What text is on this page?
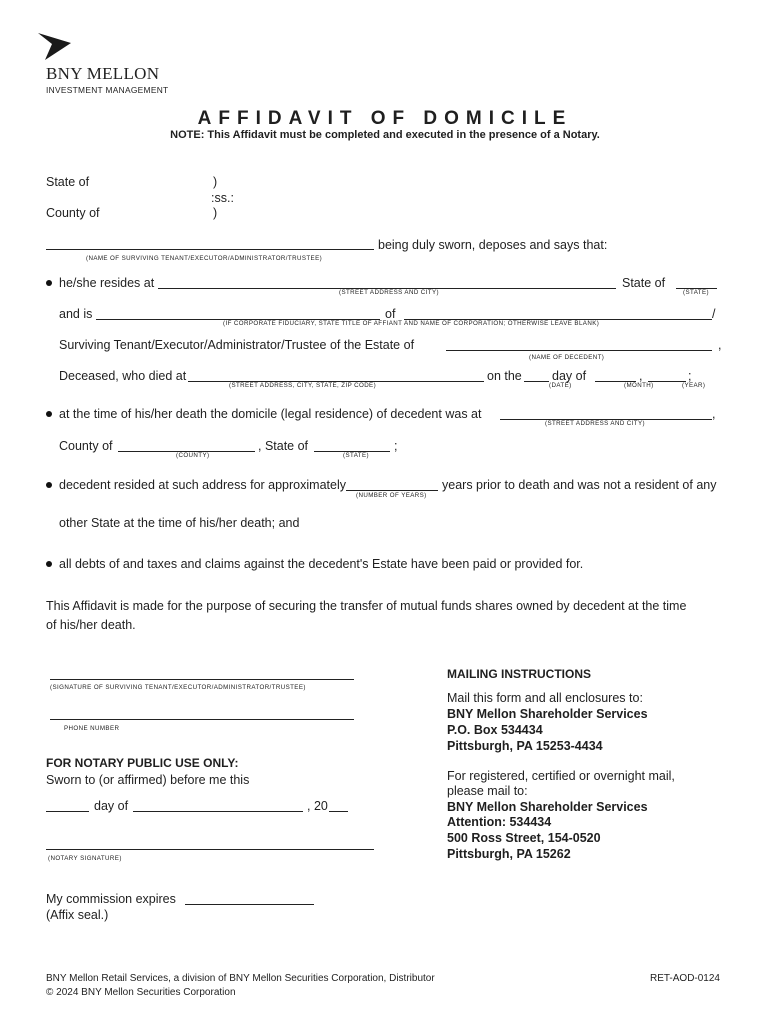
BNY MELLON
INVESTMENT MANAGEMENT
AFFIDAVIT OF DOMICILE
NOTE: This Affidavit must be completed and executed in the presence of a Notary.
State of
County of
)
:ss.:
)
being duly sworn, deposes and says that:
(NAME OF SURVIVING TENANT/EXECUTOR/ADMINISTRATOR/TRUSTEE)
he/she resides at	State of
(STREET ADDRESS AND CITY)	(STATE)
and is	of	/
(IF CORPORATE FIDUCIARY, STATE TITLE OF AFFIANT AND NAME OF CORPORATION; OTHERWISE LEAVE BLANK)
Surviving Tenant/Executor/Administrator/Trustee of the Estate of	,
(NAME OF DECEDENT)
Deceased, who died at	on the day of	,	;
(STREET ADDRESS, CITY, STATE, ZIP CODE)	(DATE)	(MONTH)	(YEAR)
at the time of his/her death the domicile (legal residence) of decedent was at	,
(STREET ADDRESS AND CITY)
County of	, State of	;
(COUNTY)	(STATE)
decedent resided at such address for approximately	years prior to death and was not a resident of any
(NUMBER OF YEARS)
other State at the time of his/her death; and
all debts of and taxes and claims against the decedent's Estate have been paid or provided for.
This Affidavit is made for the purpose of securing the transfer of mutual funds shares owned by decedent at the time
of his/her death.
(SIGNATURE OF SURVIVING TENANT/EXECUTOR/ADMINISTRATOR/TRUSTEE)
PHONE NUMBER
FOR NOTARY PUBLIC USE ONLY:
Sworn to (or affirmed) before me this
day of	, 20
(NOTARY SIGNATURE)
My commission expires
(Affix seal.)
MAILING INSTRUCTIONS
Mail this form and all enclosures to:
BNY Mellon Shareholder Services
P.O. Box 534434
Pittsburgh, PA 15253-4434
For registered, certified or overnight mail,
please mail to:
BNY Mellon Shareholder Services
Attention: 534434
500 Ross Street, 154-0520
Pittsburgh, PA 15262
BNY Mellon Retail Services, a division of BNY Mellon Securities Corporation, Distributor
© 2024 BNY Mellon Securities Corporation
RET-AOD-0124
